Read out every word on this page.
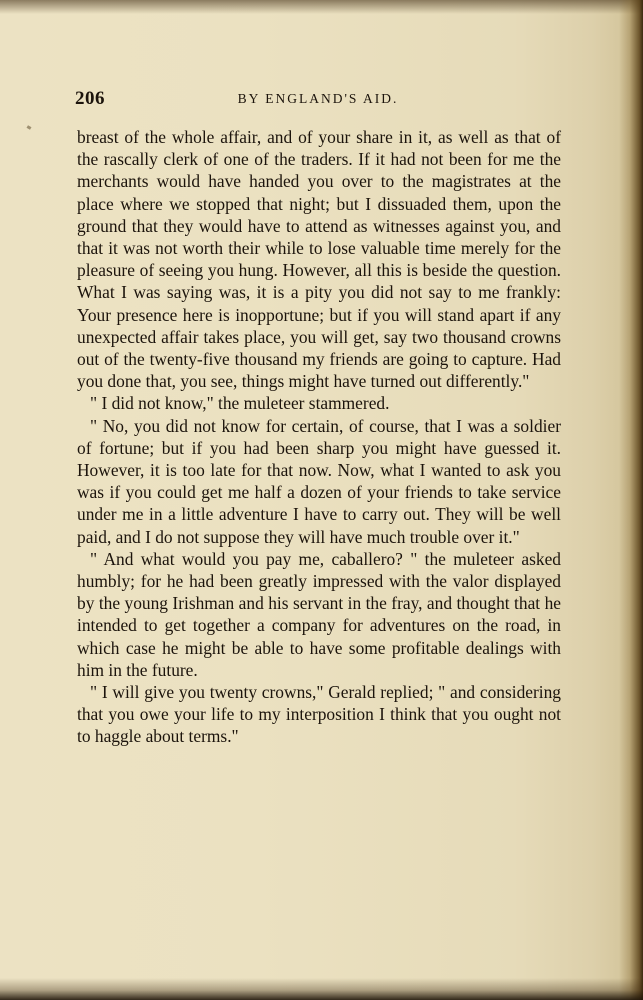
206	BY ENGLAND'S AID.

breast of the whole affair, and of your share in it, as well as that of the rascally clerk of one of the traders. If it had not been for me the merchants would have handed you over to the magistrates at the place where we stopped that night; but I dissuaded them, upon the ground that they would have to attend as witnesses against you, and that it was not worth their while to lose valuable time merely for the pleasure of seeing you hung. However, all this is beside the question. What I was saying was, it is a pity you did not say to me frankly: Your presence here is inopportune; but if you will stand apart if any unexpected affair takes place, you will get, say two thousand crowns out of the twenty-five thousand my friends are going to capture. Had you done that, you see, things might have turned out differently."

" I did not know," the muleteer stammered.

" No, you did not know for certain, of course, that I was a soldier of fortune; but if you had been sharp you might have guessed it. However, it is too late for that now. Now, what I wanted to ask you was if you could get me half a dozen of your friends to take service under me in a little adventure I have to carry out. They will be well paid, and I do not suppose they will have much trouble over it."

" And what would you pay me, caballero? " the muleteer asked humbly; for he had been greatly impressed with the valor displayed by the young Irishman and his servant in the fray, and thought that he intended to get together a company for adventures on the road, in which case he might be able to have some profitable dealings with him in the future.

" I will give you twenty crowns," Gerald replied; " and considering that you owe your life to my interposition I think that you ought not to haggle about terms."
